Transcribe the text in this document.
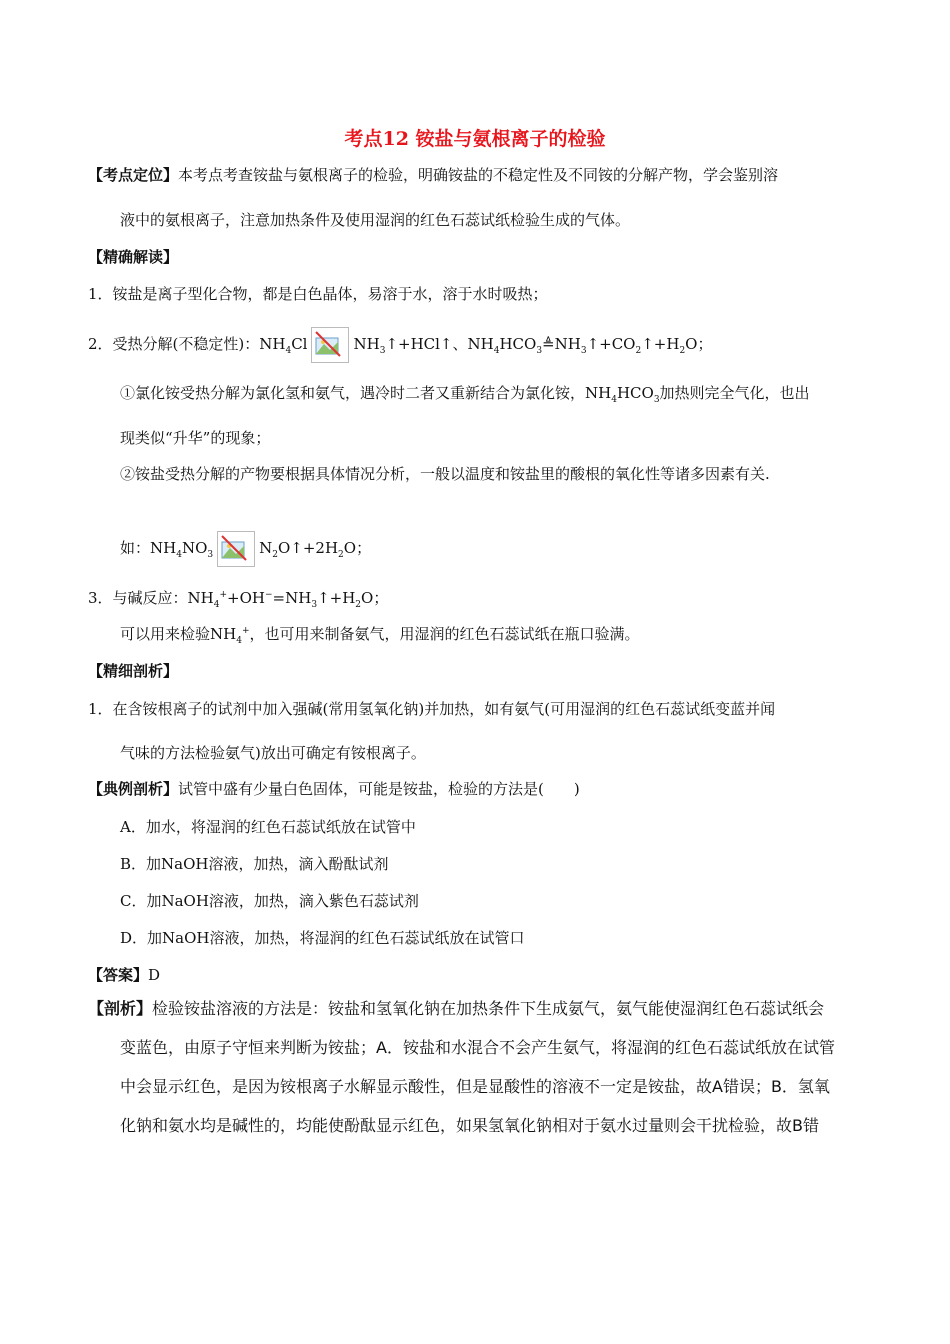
考点12 铵盐与氨根离子的检验
【考点定位】本考点考查铵盐与氨根离子的检验，明确铵盐的不稳定性及不同铵的分解产物，学会鉴别溶
液中的氨根离子，注意加热条件及使用湿润的红色石蕊试纸检验生成的气体。
【精确解读】
1．铵盐是离子型化合物，都是白色晶体，易溶于水，溶于水时吸热；
2．受热分解(不稳定性)：$NH_4Cl$	$NH_3↑+HCl↑$、$NH_4HCO_3≜NH_3↑+CO_2↑+H_2O$；
①氯化铵受热分解为氯化氢和氨气，遇冷时二者又重新结合为氯化铵，$NH_4HCO_3$加热则完全气化，也出
现类似“升华”的现象；
②铵盐受热分解的产物要根据具体情况分析，一般以温度和铵盐里的酸根的氧化性等诸多因素有关.
如：$NH_4NO_3$	$N_2O↑+2H_2O$；
3．与碱反应：$NH_4^++OH^-=NH_3↑+H_2O$；
可以用来检验$NH_4^+$，也可用来制备氨气，用湿润的红色石蕊试纸在瓶口验满。
【精细剖析】
1．在含铵根离子的试剂中加入强碱(常用氢氧化钠)并加热，如有氨气(可用湿润的红色石蕊试纸变蓝并闻
气味的方法检验氨气)放出可确定有铵根离子。
【典例剖析】试管中盛有少量白色固体，可能是铵盐，检验的方法是(　　)
A．加水，将湿润的红色石蕊试纸放在试管中
B．加NaOH溶液，加热，滴入酚酞试剂
C．加NaOH溶液，加热，滴入紫色石蕊试剂
D．加NaOH溶液，加热，将湿润的红色石蕊试纸放在试管口
【答案】D
【剖析】检验铵盐溶液的方法是：铵盐和氢氧化钠在加热条件下生成氨气，氨气能使湿润红色石蕊试纸会
变蓝色，由原子守恒来判断为铵盐；A．铵盐和水混合不会产生氨气，将湿润的红色石蕊试纸放在试管
中会显示红色，是因为铵根离子水解显示酸性，但是显酸性的溶液不一定是铵盐，故A错误；B．氢氧
化钠和氨水均是碱性的，均能使酚酞显示红色，如果氢氧化钠相对于氨水过量则会干扰检验，故B错
